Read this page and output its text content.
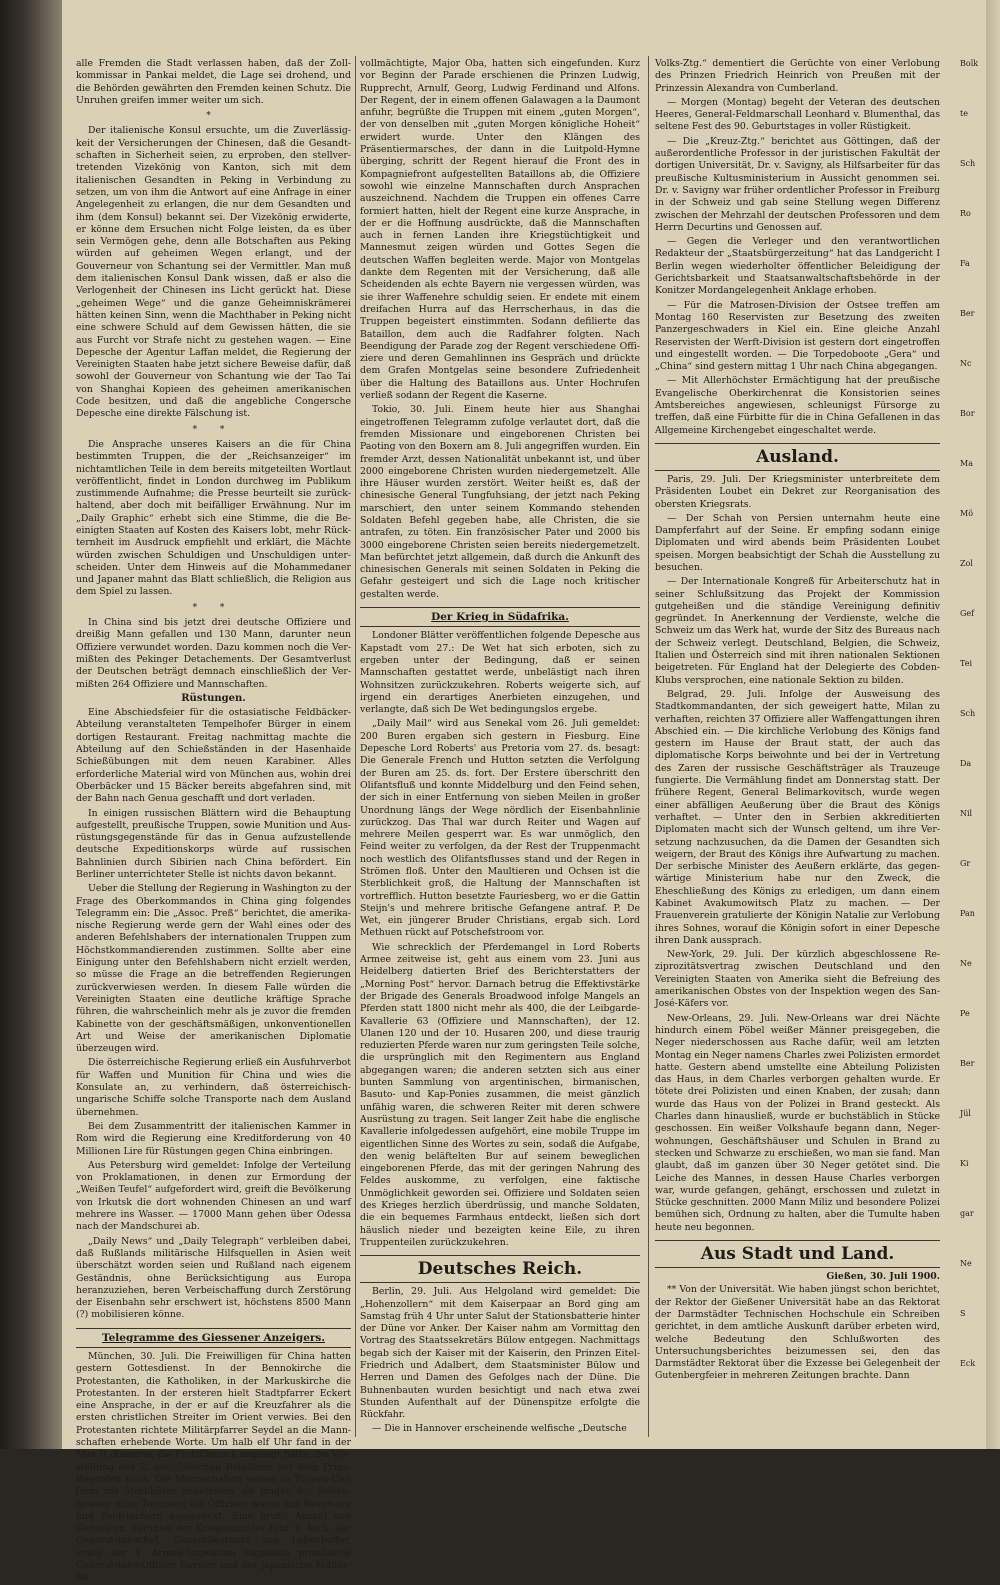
alle Fremden die Stadt verlassen haben, daß der Zollkommissar in Pankai meldet, die Lage sei drohend, und die Behörden gewährten den Fremden keinen Schutz. Die Unruhen greifen immer weiter um sich.

*

Der italienische Konsul ersuchte, um die Zuverlässigkeit der Versicherungen der Chinesen, daß die Gesandtschaften in Sicherheit seien, zu erproben, den stellvertretenden Vizekönig von Kanton, sich mit dem italienischen Gesandten in Peking in Verbindung zu setzen, um von ihm die Antwort auf eine Anfrage in einer Angelegenheit zu erlangen, die nur dem Gesandten und ihm (dem Konsul) bekannt sei. Der Vizekönig erwiderte, er könne dem Ersuchen nicht Folge leisten, da es über sein Vermögen gehe, denn alle Botschaften aus Peking würden auf geheimen Wegen erlangt, und der Gouverneur von Schantung sei der Vermittler. Man muß dem italienischen Konsul Dank wissen, daß er also die Verlogenheit der Chinesen ins Licht gerückt hat. Diese „geheimen Wege“ und die ganze Geheimniskrämerei hätten keinen Sinn, wenn die Machthaber in Peking nicht eine schwere Schuld auf dem Gewissen hätten, die sie aus Furcht vor Strafe nicht zu gestehen wagen. — Eine Depesche der Agentur Laffan meldet, die Regierung der Vereinigten Staaten habe jetzt sichere Beweise dafür, daß sowohl der Gouverneur von Schantung wie der Tao Tai von Shanghai Kopieen des geheimen amerikanischen Code besitzen, und daß die angebliche Congersche Depesche eine direkte Fälschung ist.

* *

Die Ansprache unseres Kaisers an die für China bestimmten Truppen, die der „Reichsanzeiger“ im nichtamtlichen Teile in dem bereits mitgeteilten Wortlaut veröffentlicht, findet in London durchweg im Publikum zustimmende Aufnahme; die Presse beurteilt sie zurückhaltend, aber doch mit beifälliger Erwähnung. Nur im „Daily Graphic“ erhebt sich eine Stimme, die die Beeinigten Staaten auf Kosten des Kaisers lobt, mehr Rückternheit im Ausdruck empfiehlt und erklärt, die Mächte würden zwischen Schuldigen und Unschuldigen unterscheiden. Unter dem Hinweis auf die Mohammedaner und Japaner mahnt das Blatt schließlich, die Religion aus dem Spiel zu lassen.

* *

In China sind bis jetzt drei deutsche Offiziere und dreißig Mann gefallen und 130 Mann, darunter neun Offiziere verwundet worden. Dazu kommen noch die Vermißten des Pekinger Detachements. Der Gesamtverlust der Deutschen beträgt demnach einschließlich der Vermißten 264 Offiziere und Mannschaften.

Rüstungen.

Eine Abschiedsfeier für die ostasiatische Feldbäcker-Abteilung veranstalteten Tempelhofer Bürger in einem dortigen Restaurant. Freitag nachmittag machte die Abteilung auf den Schießständen in der Hasenhaide Schießübungen mit dem neuen Karabiner. Alles erforderliche Material wird von München aus, wohin drei Oberbäcker und 15 Bäcker bereits abgefahren sind, mit der Bahn nach Genua geschafft und dort verladen.

In einigen russischen Blättern wird die Behauptung aufgestellt, preußische Truppen, sowie Munition und Ausrüstungsgegenstände für das in Genua aufzustellende deutsche Expeditionskorps würde auf russischen Bahnlinien durch Sibirien nach China befördert. Ein Berliner unterrichteter Stelle ist nichts davon bekannt.

Ueber die Stellung der Regierung in Washington zu der Frage des Oberkommandos in China ging folgendes Telegramm ein: Die „Assoc. Preß“ berichtet, die amerikanische Regierung werde gern der Wahl eines oder des anderen Befehlshabers der internationalen Truppen zum Höchstkommandierenden zustimmen. Sollte aber eine Einigung unter den Befehlshabern nicht erzielt werden, so müsse die Frage an die betreffenden Regierungen zurückverwiesen werden. In diesem Falle würden die Vereinigten Staaten eine deutliche kräftige Sprache führen, die wahrscheinlich mehr als je zuvor die fremden Kabinette von der geschäftsmäßigen, unkonventionellen Art und Weise der amerikanischen Diplomatie überzeugen wird.

Die österreichische Regierung erließ ein Ausfuhrverbot für Waffen und Munition für China und wies die Konsulate an, zu verhindern, daß österreichisch-ungarische Schiffe solche Transporte nach dem Ausland übernehmen.

Bei dem Zusammentritt der italienischen Kammer in Rom wird die Regierung eine Kreditforderung von 40 Millionen Lire für Rüstungen gegen China einbringen.

Aus Petersburg wird gemeldet: Infolge der Verteilung von Proklamationen, in denen zur Ermordung der „Weißen Teufel“ aufgefordert wird, greift die Bevölkerung von Irkutsk die dort wohnenden Chinesen an und warf mehrere ins Wasser. — 17000 Mann gehen über Odessa nach der Mandschurei ab.

„Daily News“ und „Daily Telegraph“ verbleiben dabei, daß Rußlands militärische Hilfsquellen in Asien weit überschätzt worden seien und Rußland nach eigenem Geständnis, ohne Berücksichtigung aus Europa heranzuziehen, beren Verbeischaffung durch Zerstörung der Eisenbahn sehr erschwert ist, höchstens 8500 Mann (?) mobilisieren könne.

Telegramme des Giessener Anzeigers.

München, 30. Juli. Die Freiwilligen für China hatten gestern Gottesdienst. In der Bennokirche die Protestanten, die Katholiken, in der Markuskirche die Protestanten. In der ersteren hielt Stadtpfarrer Eckert eine Ansprache, in der er auf die Kreuzfahrer als die ersten christlichen Streiter im Orient verwies. Bei den Protestanten richtete Militärpfarrer Seydel an die Mannschaften erhebende Worte. Um halb elf Uhr fand in der Max II.-Kaserne, die Festschmuck angelegt hatte, die Vorstellung des 2. ostasiatischen Bataillons vor dem Prinz-Regenten statt. Die Mannschaften waren in Tropen-Uniform mit Strohhüten angetreten, sie trugen das Seitengewehr ohne Tornister, die Offiziere waren mit Revolvern und Feldstechern ausgerückt. Eine große Anzahl von Generalen, darunter der Kriegsminister Frhr. v. Asch, der Generalstabschef, Generalleutnant von Lobenhoffer, sowie der 4. Armee-Inspektion zugeteilte preußische Generalstabs-Offizier Garnier und der japanische Militär-Be

vollmächtigte, Major Oba, hatten sich eingefunden. Kurz vor Beginn der Parade erschienen die Prinzen Ludwig, Rupprecht, Arnulf, Georg, Ludwig Ferdinand und Alfons. Der Regent, der in einem offenen Galawagen a la Daumont anfuhr, begrüßte die Truppen mit einem „guten Morgen“, der von denselben mit „guten Morgen königliche Hoheit“ erwidert wurde. Unter den Klängen des Präsentiermarsches, der dann in die Luitpold-Hymne überging, schritt der Regent hierauf die Front des in Kompagniefront aufgestellten Bataillons ab, die Offiziere sowohl wie einzelne Mannschaften durch Ansprachen auszeichnend. Nachdem die Truppen ein offenes Carre formiert hatten, hielt der Regent eine kurze Ansprache, in der er die Hoffnung ausdrückte, daß die Mannschaften auch in fernen Landen ihre Kriegstüchtigkeit und Mannesmut zeigen würden und Gottes Segen die deutschen Waffen begleiten werde. Major von Montgelas dankte dem Regenten mit der Versicherung, daß alle Scheidenden als echte Bayern nie vergessen würden, was sie ihrer Waffenehre schuldig seien. Er endete mit einem dreifachen Hurra auf das Herrscherhaus, in das die Truppen begeistert einstimmten. Sodann defilierte das Bataillon, dem auch die Radfahrer folgten. Nach Beendigung der Parade zog der Regent verschiedene Offiziere und deren Gemahlinnen ins Gespräch und drückte dem Grafen Montgelas seine besondere Zufriedenheit über die Haltung des Bataillons aus. Unter Hochrufen verließ sodann der Regent die Kaserne.

Tokio, 30. Juli. Einem heute hier aus Shanghai eingetroffenen Telegramm zufolge verlautet dort, daß die fremden Missionare und eingeborenen Christen bei Paoting von den Boxern am 8. Juli angegriffen wurden. Ein fremder Arzt, dessen Nationalität unbekannt ist, und über 2000 eingeborene Christen wurden niedergemetzelt. Alle ihre Häuser wurden zerstört. Weiter heißt es, daß der chinesische General Tungfuhsiang, der jetzt nach Peking marschiert, den unter seinem Kommando stehenden Soldaten Befehl gegeben habe, alle Christen, die sie antrafen, zu töten. Ein französischer Pater und 2000 bis 3000 eingeborene Christen seien bereits niedergemetzelt. Man befürchtet jetzt allgemein, daß durch die Ankunft des chinesischen Generals mit seinen Soldaten in Peking die Gefahr gesteigert und sich die Lage noch kritischer gestalten werde.

Der Krieg in Südafrika.

Londoner Blätter veröffentlichen folgende Depesche aus Kapstadt vom 27.: De Wet hat sich erboten, sich zu ergeben unter der Bedingung, daß er seinen Mannschaften gestattet werde, unbelästigt nach ihren Wohnsitzen zurückzukehren. Roberts weigerte sich, auf irgend ein derartiges Anerbieten einzugehen, und verlangte, daß sich De Wet bedingungslos ergebe.

„Daily Mail“ wird aus Senekal vom 26. Juli gemeldet: 200 Buren ergaben sich gestern in Fiesburg. Eine Depesche Lord Roberts' aus Pretoria vom 27. ds. besagt: Die Generale French und Hutton setzten die Verfolgung der Buren am 25. ds. fort. Der Erstere überschritt den Olifantsfluß und konnte Middelburg und den Feind sehen, der sich in einer Entfernung von sieben Meilen in großer Unordnung längs der Wege nördlich der Eisenbahnlinie zurückzog. Das Thal war durch Reiter und Wagen auf mehrere Meilen gesperrt war. Es war unmöglich, den Feind weiter zu verfolgen, da der Rest der Truppenmacht noch westlich des Olifantsflusses stand und der Regen in Strömen floß. Unter den Maultieren und Ochsen ist die Sterblichkeit groß, die Haltung der Mannschaften ist vortrefflich. Hutton besetzte Fauriesberg, wo er die Gattin Steijn's und mehrere britische Gefangene antraf. P. De Wet, ein jüngerer Bruder Christians, ergab sich. Lord Methuen rückt auf Potschefstroom vor.

Wie schrecklich der Pferdemangel in Lord Roberts Armee zeitweise ist, geht aus einem vom 23. Juni aus Heidelberg datierten Brief des Berichterstatters der „Morning Post“ hervor. Darnach betrug die Effektivstärke der Brigade des Generals Broadwood infolge Mangels an Pferden statt 1800 nicht mehr als 400, die der Leibgarde-Kavallerie 63 (Offiziere und Mannschaften), der 12. Ulanen 120 und der 10. Husaren 200, und diese traurig reduzierten Pferde waren nur zum geringsten Teile solche, die ursprünglich mit den Regimentern aus England abgegangen waren; die anderen setzten sich aus einer bunten Sammlung von argentinischen, birmanischen, Basuto- und Kap-Ponies zusammen, die meist gänzlich unfähig waren, die schweren Reiter mit deren schwere Ausrüstung zu tragen. Seit langer Zeit habe die englische Kavallerie infolgedessen aufgehört, eine mobile Truppe im eigentlichen Sinne des Wortes zu sein, sodaß die Aufgabe, den wenig beläftelten Bur auf seinem beweglichen eingeborenen Pferde, das mit der geringen Nahrung des Feldes auskomme, zu verfolgen, eine faktische Unmöglichkeit geworden sei. Offiziere und Soldaten seien des Krieges herzlich überdrüssig, und manche Soldaten, die ein bequemes Farmhaus entdeckt, ließen sich dort häuslich nieder und bezeigten keine Eile, zu ihren Truppenteilen zurückzukehren.

Deutsches Reich.

Berlin, 29. Juli. Aus Helgoland wird gemeldet: Die „Hohenzollern“ mit dem Kaiserpaar an Bord ging am Samstag früh 4 Uhr unter Salut der Stationsbatterie hinter der Düne vor Anker. Der Kaiser nahm am Vormittag den Vortrag des Staatssekretärs Bülow entgegen. Nachmittags begab sich der Kaiser mit der Kaiserin, den Prinzen Eitel-Friedrich und Adalbert, dem Staatsminister Bülow und Herren und Damen des Gefolges nach der Düne. Die Buhnenbauten wurden besichtigt und nach etwa zwei Stunden Aufenthalt auf der Dünenspitze erfolgte die Rückfahr.

— Die in Hannover erscheinende welfische „Deutsche

Volks-Ztg.“ dementiert die Gerüchte von einer Verlobung des Prinzen Friedrich Heinrich von Preußen mit der Prinzessin Alexandra von Cumberland.

— Morgen (Montag) begeht der Veteran des deutschen Heeres, General-Feldmarschall Leonhard v. Blumenthal, das seltene Fest des 90. Geburtstages in voller Rüstigkeit.

— Die „Kreuz-Ztg.“ berichtet aus Göttingen, daß der außerordentliche Professor in der juristischen Fakultät der dortigen Universität, Dr. v. Savigny, als Hilfsarbeiter für das preußische Kultusministerium in Aussicht genommen sei. Dr. v. Savigny war früher ordentlicher Professor in Freiburg in der Schweiz und gab seine Stellung wegen Differenz zwischen der Mehrzahl der deutschen Professoren und dem Herrn Decurtins und Genossen auf.

— Gegen die Verleger und den verantwortlichen Redakteur der „Staatsbürgerzeitung“ hat das Landgericht I Berlin wegen wiederholter öffentlicher Beleidigung der Gerichtsbarkeit und Staatsanwaltschaftsbehörde in der Konitzer Mordangelegenheit Anklage erhoben.

— Für die Matrosen-Division der Ostsee treffen am Montag 160 Reservisten zur Besetzung des zweiten Panzergeschwaders in Kiel ein. Eine gleiche Anzahl Reservisten der Werft-Division ist gestern dort eingetroffen und eingestellt worden. — Die Torpedoboote „Gera“ und „China“ sind gestern mittag 1 Uhr nach China abgegangen.

— Mit Allerhöchster Ermächtigung hat der preußische Evangelische Oberkirchenrat die Konsistorien seines Amtsbereiches angewiesen, schleunigst Fürsorge zu treffen, daß eine Fürbitte für die in China Gefallenen in das Allgemeine Kirchengebet eingeschaltet werde.

Ausland.

Paris, 29. Juli. Der Kriegsminister unterbreitete dem Präsidenten Loubet ein Dekret zur Reorganisation des obersten Kriegsrats.

— Der Schah von Persien unternahm heute eine Dampferfahrt auf der Seine. Er empfing sodann einige Diplomaten und wird abends beim Präsidenten Loubet speisen. Morgen beabsichtigt der Schah die Ausstellung zu besuchen.

— Der Internationale Kongreß für Arbeiterschutz hat in seiner Schlußsitzung das Projekt der Kommission gutgeheißen und die ständige Vereinigung definitiv gegründet. In Anerkennung der Verdienste, welche die Schweiz um das Werk hat, wurde der Sitz des Bureaus nach der Schweiz verlegt. Deutschland, Belgien, die Schweiz, Italien und Österreich sind mit ihren nationalen Sektionen beigetreten. Für England hat der Delegierte des Cobden-Klubs versprochen, eine nationale Sektion zu bilden.

Belgrad, 29. Juli. Infolge der Ausweisung des Stadtkommandanten, der sich geweigert hatte, Milan zu verhaften, reichten 37 Offiziere aller Waffengattungen ihren Abschied ein. — Die kirchliche Verlobung des Königs fand gestern im Hause der Braut statt, der auch das diplomatische Korps beiwohnte und bei der in Vertretung des Zaren der russische Geschäftsträger als Trauzeuge fungierte. Die Vermählung findet am Donnerstag statt. Der frühere Regent, General Belimarkovitsch, wurde wegen einer abfälligen Aeußerung über die Braut des Königs verhaftet. — Unter den in Serbien akkreditierten Diplomaten macht sich der Wunsch geltend, um ihre Versetzung nachzusuchen, da die Damen der Gesandten sich weigern, der Braut des Königs ihre Aufwartung zu machen. Der serbische Minister des Aeußern erklärte, das gegenwärtige Ministerium habe nur den Zweck, die Eheschließung des Königs zu erledigen, um dann einem Kabinet Avakumowitsch Platz zu machen. — Der Frauenverein gratulierte der Königin Natalie zur Verlobung ihres Sohnes, worauf die Königin sofort in einer Depesche ihren Dank aussprach.

New-York, 29. Juli. Der kürzlich abgeschlossene Reziprozitätsvertrag zwischen Deutschland und den Vereinigten Staaten von Amerika sieht die Befreiung des amerikanischen Obstes von der Inspektion wegen des San-José-Käfers vor.

New-Orleans, 29. Juli. New-Orleans war drei Nächte hindurch einem Pöbel weißer Männer preisgegeben, die Neger niederschossen aus Rache dafür, weil am letzten Montag ein Neger namens Charles zwei Polizisten ermordet hatte. Gestern abend umstellte eine Abteilung Polizisten das Haus, in dem Charles verborgen gehalten wurde. Er tötete drei Polizisten und einen Knaben, der zusah; dann wurde das Haus von der Polizei in Brand gesteckt. Als Charles dann hinausließ, wurde er buchstäblich in Stücke geschossen. Ein weißer Volkshaufe begann dann, Negerwohnungen, Geschäftshäuser und Schulen in Brand zu stecken und Schwarze zu erschießen, wo man sie fand. Man glaubt, daß im ganzen über 30 Neger getötet sind. Die Leiche des Mannes, in dessen Hause Charles verborgen war, wurde gefangen, gehängt, erschossen und zuletzt in Stücke geschnitten. 2000 Mann Miliz und besondere Polizei bemühen sich, Ordnung zu halten, aber die Tumulte haben heute neu begonnen.

Aus Stadt und Land.
Gießen, 30. Juli 1900.

** Von der Universität. Wie haben jüngst schon berichtet, der Rektor der Gießener Universität habe an das Rektorat der Darmstädter Technischen Hochschule ein Schreiben gerichtet, in dem amtliche Auskunft darüber erbeten wird, welche Bedeutung den Schlußworten des Untersuchungsberichtes beizumessen sei, den das Darmstädter Rektorat über die Exzesse bei Gelegenheit der Gutenbergfeier in mehreren Zeitungen brachte. Dann

Bolk
te
Sch
Ro
Fa
Ber
Nc
Bor
Ma
Mö
Zol
Gef
Tei
Sch
Da
Nil
Gr
Pan
Ne
Pe
Ber
Jül
Ki
gar
Ne
S
Eck
